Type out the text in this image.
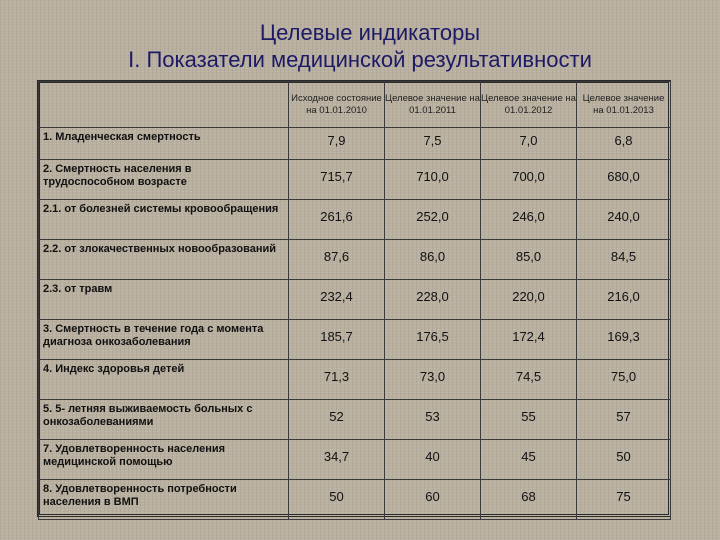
Целевые индикаторы
I. Показатели медицинской результативности
	Исходное состояние на 01.01.2010	Целевое значение на 01.01.2011	Целевое значение на 01.01.2012	Целевое значение на 01.01.2013
1. Младенческая смертность	7,9	7,5	7,0	6,8
2. Смертность населения в трудоспособном возрасте	715,7	710,0	700,0	680,0
2.1. от болезней системы кровообращения	261,6	252,0	246,0	240,0
2.2. от злокачественных новообразований	87,6	86,0	85,0	84,5
2.3. от травм	232,4	228,0	220,0	216,0
3. Смертность в течение года с момента диагноза онкозаболевания	185,7	176,5	172,4	169,3
4. Индекс здоровья детей	71,3	73,0	74,5	75,0
5. 5- летняя выживаемость больных с онкозаболеваниями	52	53	55	57
7. Удовлетворенность населения медицинской помощью	34,7	40	45	50
8. Удовлетворенность потребности населения в ВМП	50	60	68	75
